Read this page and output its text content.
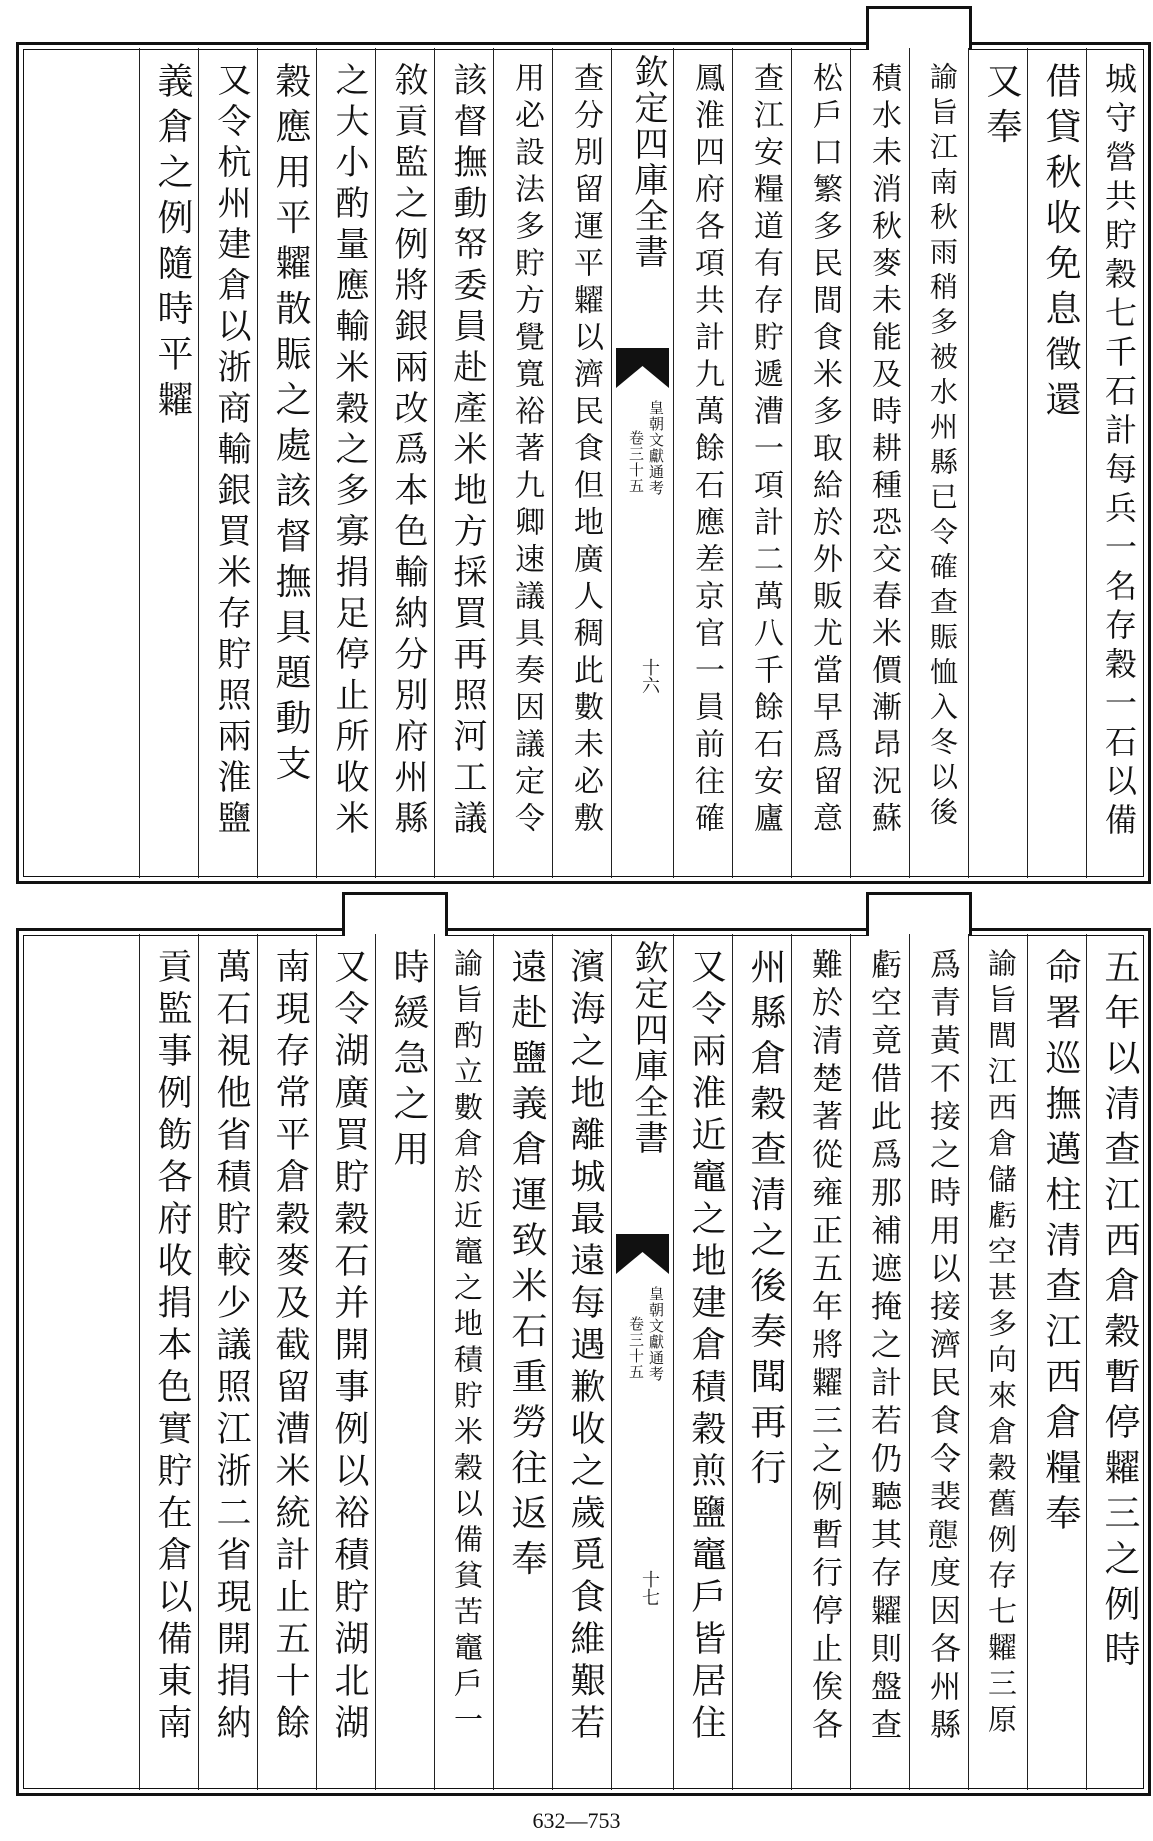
城守營共貯穀七千石計每兵一名存穀一石以備
借貸秋收免息徵還
又奉
諭旨江南秋雨稍多被水州縣已令確查賑恤入冬以後
積水未消秋麥未能及時耕種恐交春米價漸昂況蘇
松戶口繁多民間食米多取給於外販尤當早爲留意
查江安糧道有存貯遞漕一項計二萬八千餘石安廬
鳳淮四府各項共計九萬餘石應差京官一員前往確
欽定四庫全書
皇朝文獻通考
卷三十五
十六
查分別留運平糶以濟民食但地廣人稠此數未必敷
用必設法多貯方覺寬裕著九卿速議具奏因議定令
該督撫動帑委員赴產米地方採買再照河工議
敘貢監之例將銀兩改爲本色輸納分別府州縣
之大小酌量應輸米穀之多寡捐足停止所收米
穀應用平糶散賑之處該督撫具題動支
又令杭州建倉以浙商輸銀買米存貯照兩淮鹽
義倉之例隨時平糶
五年以清查江西倉穀暫停糶三之例時
命署巡撫邁柱清查江西倉糧奉
諭旨閭江西倉儲虧空甚多向來倉穀舊例存七糶三原
爲青黃不接之時用以接濟民食令裴𢤲度因各州縣
虧空竟借此爲那補遮掩之計若仍聽其存糶則盤查
難於清楚著從雍正五年將糶三之例暫行停止俟各
州縣倉穀查清之後奏聞再行
又令兩淮近竈之地建倉積穀煎鹽竈戶皆居住
欽定四庫全書
皇朝文獻通考
卷三十五
十七
濱海之地離城最遠每遇歉收之歲覓食維艱若
遠赴鹽義倉運致米石重勞往返奉
諭旨酌立數倉於近竈之地積貯米穀以備貧苦竈戶一
時緩急之用
又令湖廣買貯穀石并開事例以裕積貯湖北湖
南現存常平倉穀麥及截留漕米統計止五十餘
萬石視他省積貯較少議照江浙二省現開捐納
貢監事例飭各府收捐本色實貯在倉以備東南
632—753
